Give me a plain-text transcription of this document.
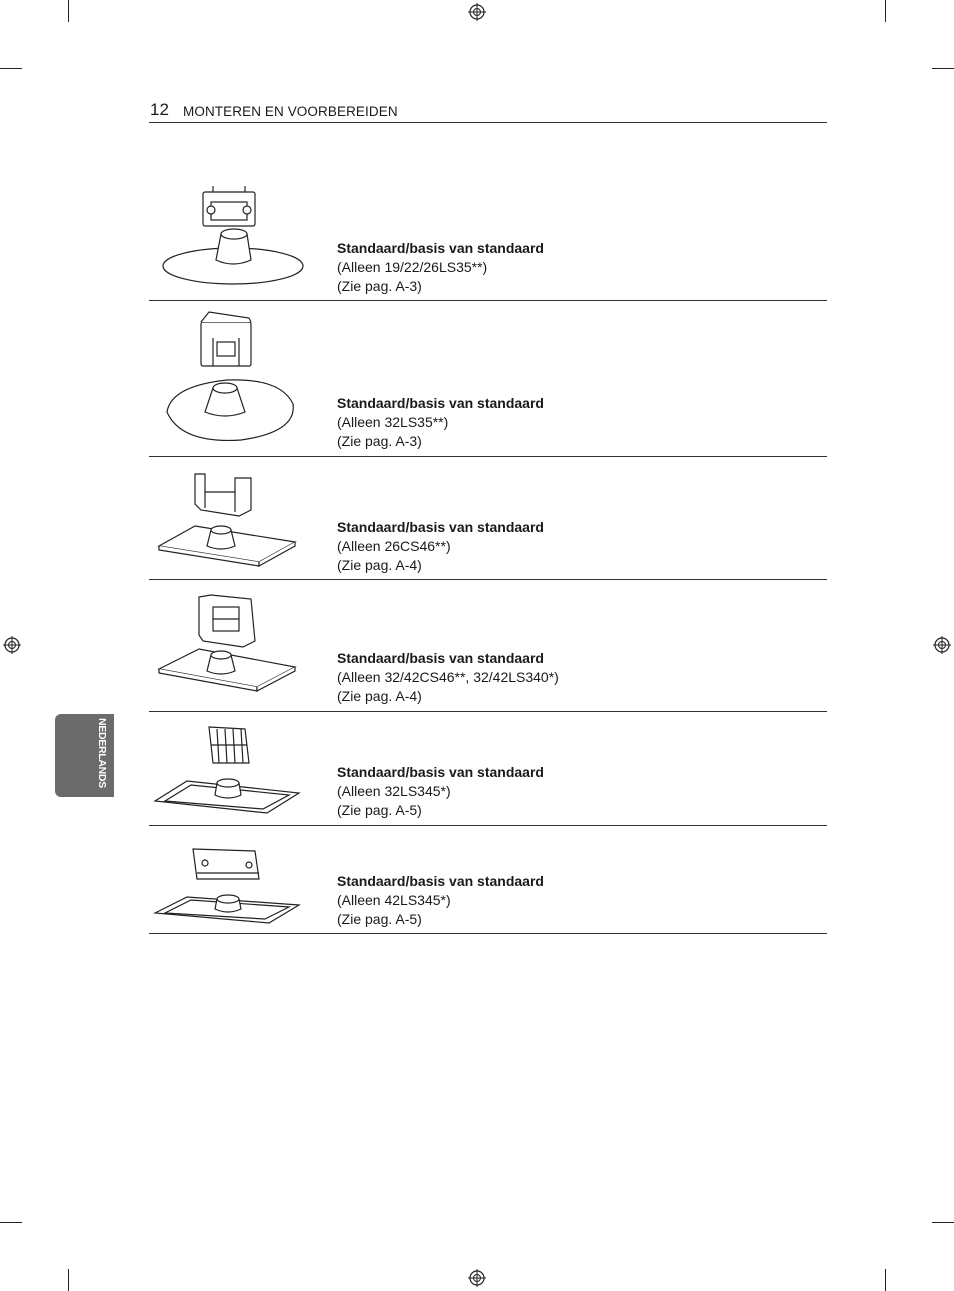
12 MONTEREN EN VOORBEREIDEN
NEDERLANDS
Standaard/basis van standaard
(Alleen 19/22/26LS35**)
(Zie pag. A-3)
Standaard/basis van standaard
(Alleen 32LS35**)
(Zie pag. A-3)
Standaard/basis van standaard
(Alleen 26CS46**)
(Zie pag. A-4)
Standaard/basis van standaard
(Alleen 32/42CS46**, 32/42LS340*)
(Zie pag. A-4)
Standaard/basis van standaard
(Alleen 32LS345*)
(Zie pag. A-5)
Standaard/basis van standaard
(Alleen 42LS345*)
(Zie pag. A-5)
